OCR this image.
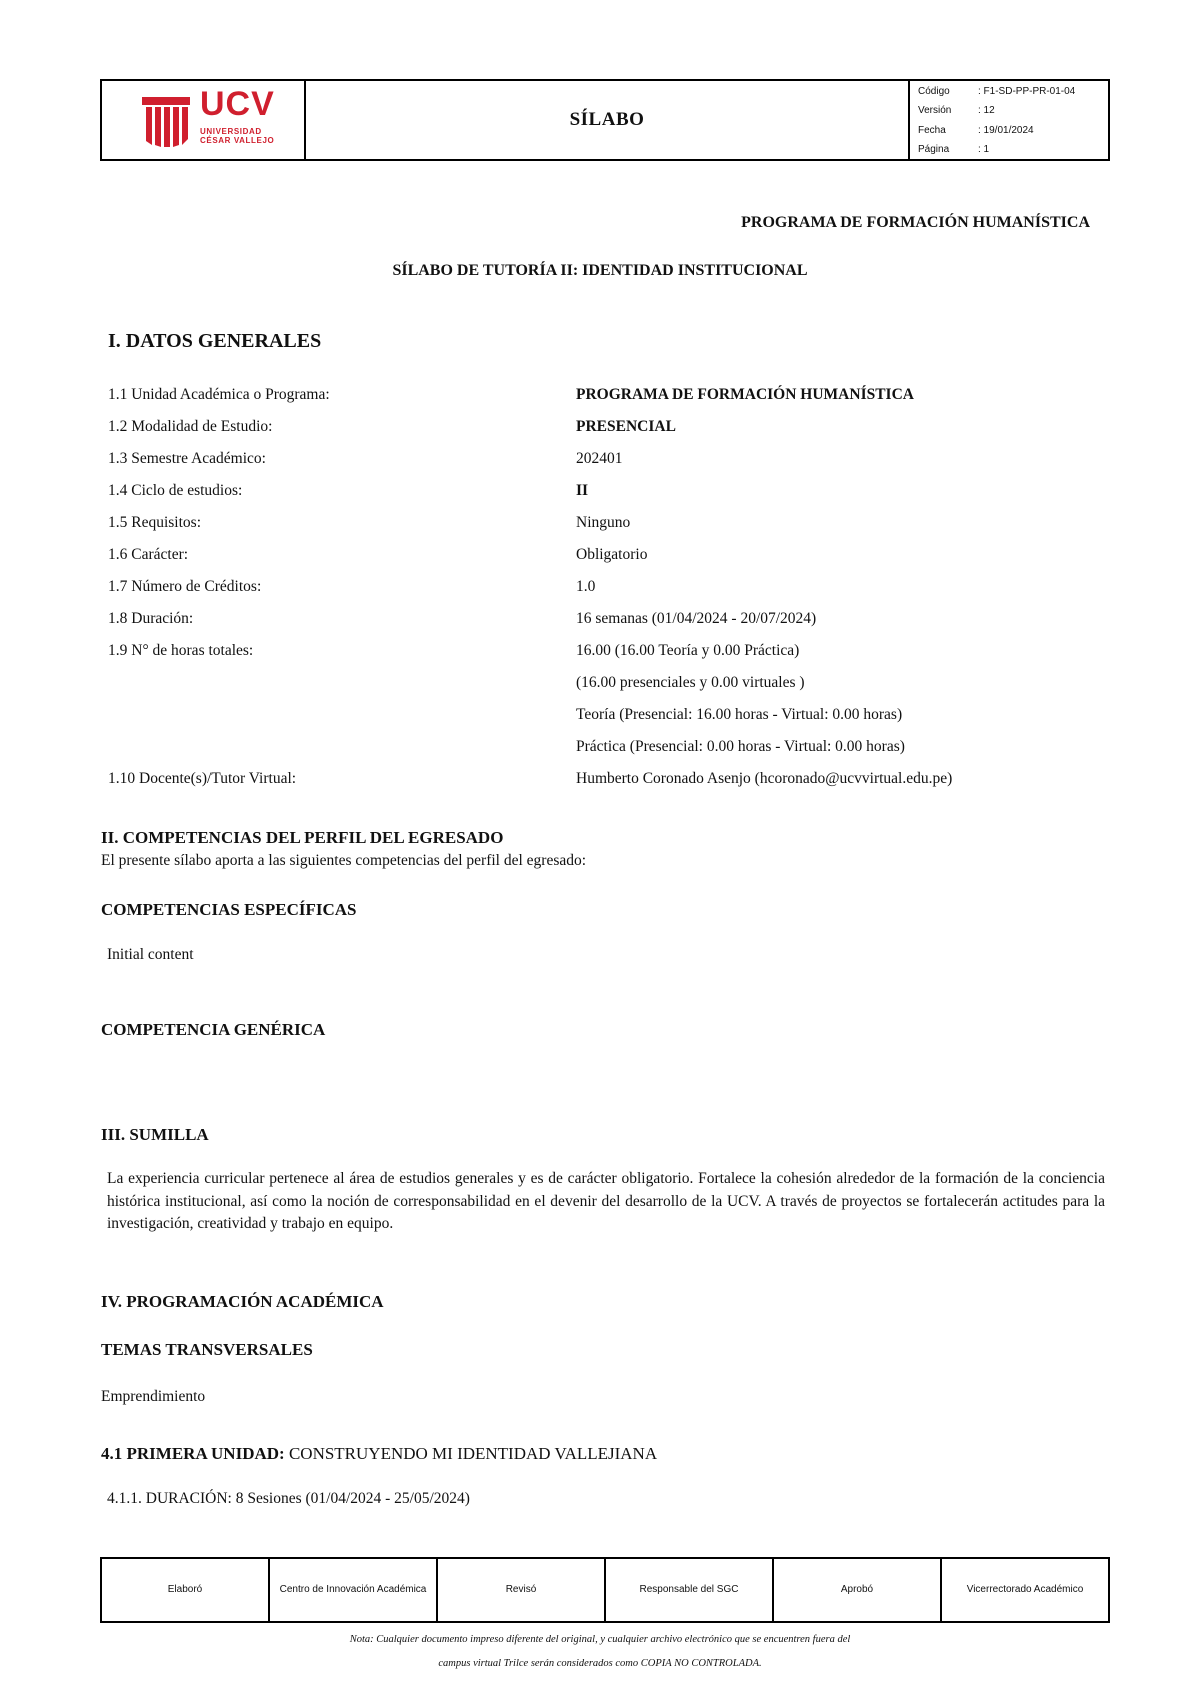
UCV
UNIVERSIDAD
CÉSAR VALLEJO
SÍLABO
Código	: F1-SD-PP-PR-01-04
Versión	: 12
Fecha	: 19/01/2024
Página	: 1
PROGRAMA DE FORMACIÓN HUMANÍSTICA
SÍLABO DE TUTORÍA II: IDENTIDAD INSTITUCIONAL
I. DATOS GENERALES
1.1 Unidad Académica o Programa:	PROGRAMA DE FORMACIÓN HUMANÍSTICA
1.2 Modalidad de Estudio:	PRESENCIAL
1.3 Semestre Académico:	202401
1.4 Ciclo de estudios:	II
1.5 Requisitos:	Ninguno
1.6 Carácter:	Obligatorio
1.7 Número de Créditos:	1.0
1.8 Duración:	16 semanas (01/04/2024 - 20/07/2024)
1.9 N° de horas totales:	16.00 (16.00 Teoría y 0.00 Práctica)
(16.00 presenciales y 0.00 virtuales )
Teoría (Presencial: 16.00 horas - Virtual: 0.00 horas)
Práctica (Presencial: 0.00 horas - Virtual: 0.00 horas)
1.10 Docente(s)/Tutor Virtual:	Humberto Coronado Asenjo (hcoronado@ucvvirtual.edu.pe)
II. COMPETENCIAS DEL PERFIL DEL EGRESADO
El presente sílabo aporta a las siguientes competencias del perfil del egresado:
COMPETENCIAS ESPECÍFICAS
Initial content
COMPETENCIA GENÉRICA
III. SUMILLA
La experiencia curricular pertenece al área de estudios generales y es de carácter obligatorio. Fortalece la cohesión alrededor de la formación de la conciencia histórica institucional, así como la noción de corresponsabilidad en el devenir del desarrollo de la UCV. A través de proyectos se fortalecerán actitudes para la investigación, creatividad y trabajo en equipo.
IV. PROGRAMACIÓN ACADÉMICA
TEMAS TRANSVERSALES
Emprendimiento
4.1 PRIMERA UNIDAD: CONSTRUYENDO MI IDENTIDAD VALLEJIANA
4.1.1. DURACIÓN: 8 Sesiones (01/04/2024 - 25/05/2024)
Elaboró	Centro de Innovación Académica	Revisó	Responsable del SGC	Aprobó	Vicerrectorado Académico
Nota: Cualquier documento impreso diferente del original, y cualquier archivo electrónico que se encuentren fuera del
campus virtual Trilce serán considerados como COPIA NO CONTROLADA.
